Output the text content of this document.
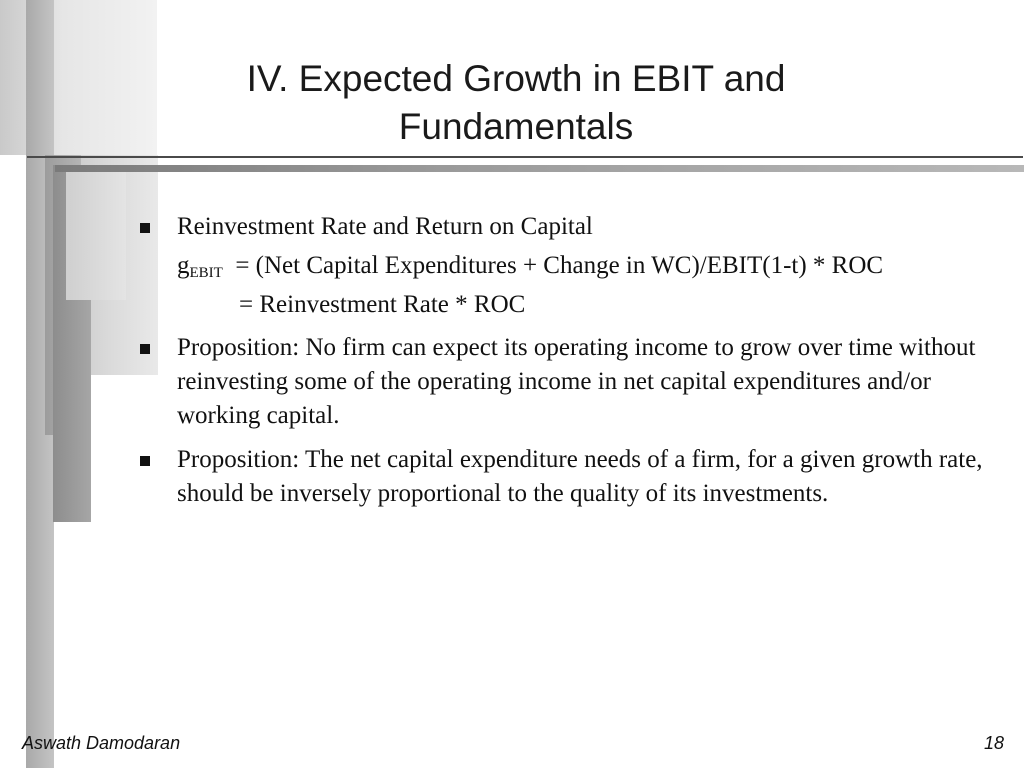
IV. Expected Growth in EBIT and
Fundamentals
Reinvestment Rate and Return on Capital
$g_{EBIT} = (Net$ Capital Expenditures + Change in WC)/EBIT(1-t) * ROC
= Reinvestment Rate * ROC
Proposition: No firm can expect its operating income to grow over time without reinvesting some of the operating income in net capital expenditures and/or working capital.
Proposition: The net capital expenditure needs of a firm, for a given growth rate, should be inversely proportional to the quality of its investments.
Aswath Damodaran	18
